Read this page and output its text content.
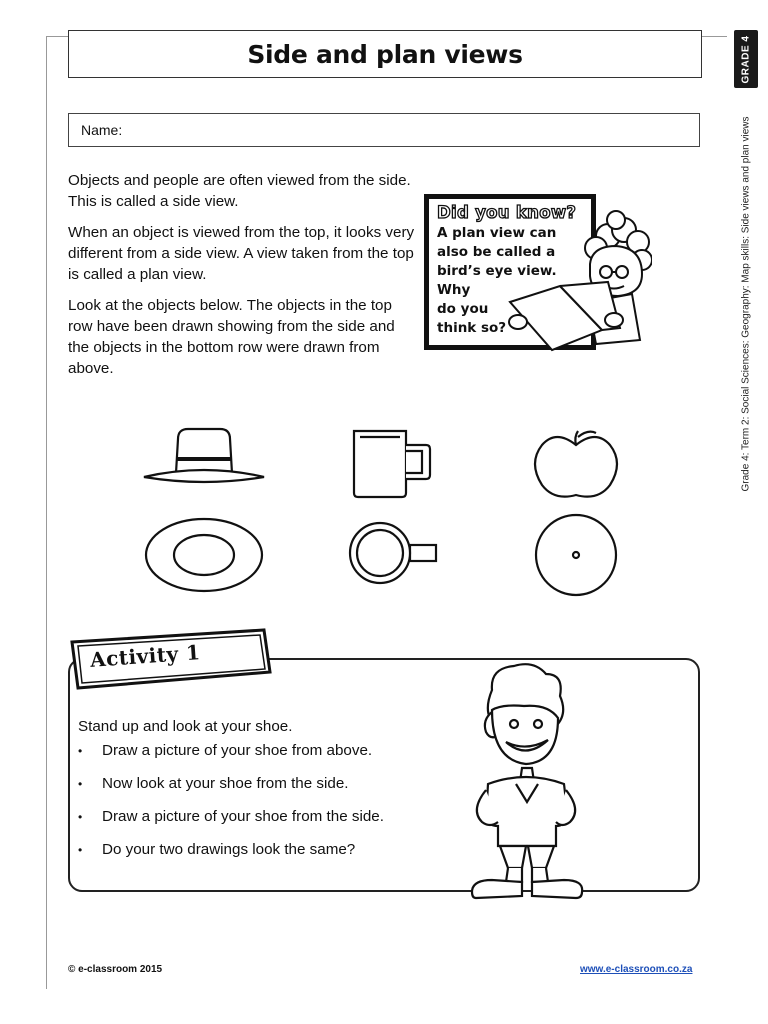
Side and plan views	GRADE 4
Grade 4: Term 2: Social Sciences: Geography: Map skills: Side views and plan views
Name:

Objects and people are often viewed from the side. This is called a side view.

When an object is viewed from the top, it looks very different from a side view. A view taken from the top is called a plan view.

Look at the objects below. The objects in the top row have been drawn showing from the side and the objects in the bottom row were drawn from above.

Did you know?
A plan view can
also be called a
bird’s eye view.
Why
do you
think so?
Activity 1
Stand up and look at your shoe.
•	Draw a picture of your shoe from above.
•	Now look at your shoe from the side.
•	Draw a picture of your shoe from the side.
•	Do your two drawings look the same?
© e-classroom 2015	www.e-classroom.co.za
